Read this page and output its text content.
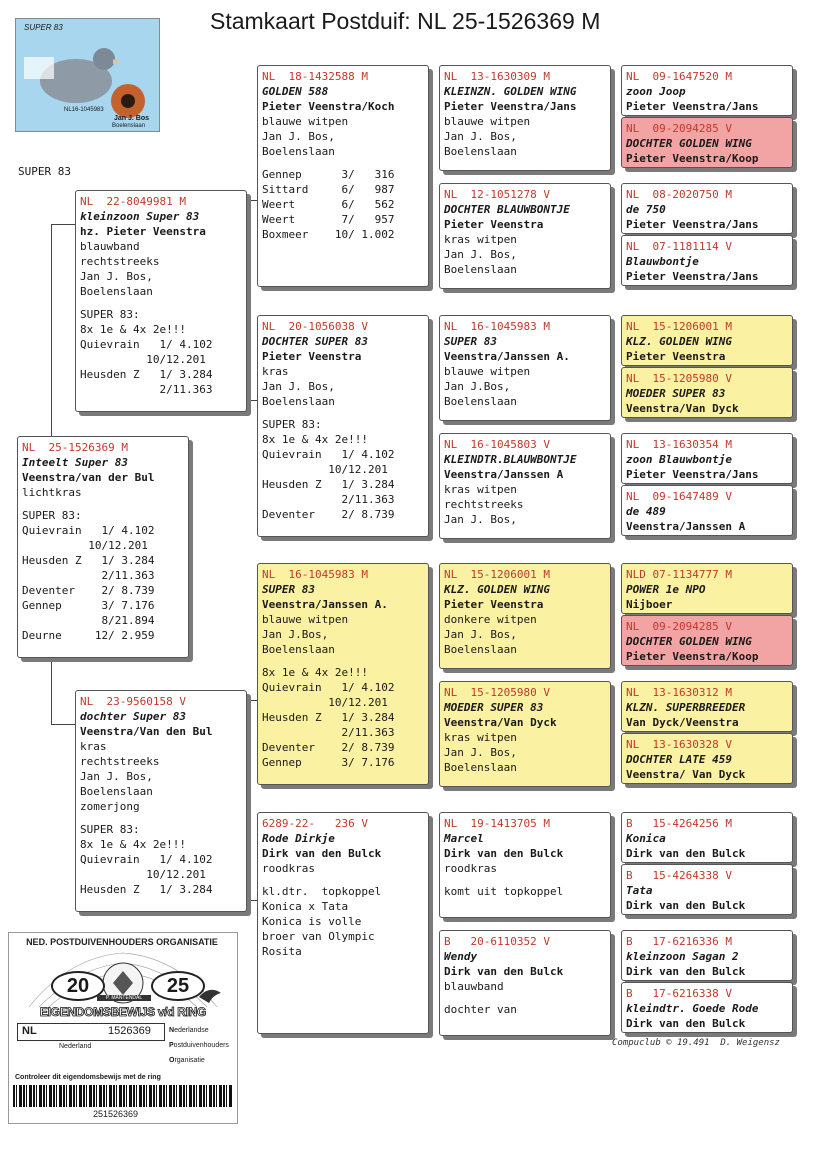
Stamkaart Postduif: NL 25-1526369 M
SUPER 83
NL16-1045983
Jan J. Bos
Boelenslaan
SUPER 83
NL  25-1526369 M
Inteelt Super 83
Veenstra/van der Bul
lichtkras
SUPER 83:
Quievrain   1/ 4.102
10/12.201
Heusden Z   1/ 3.284
2/11.363
Deventer    2/ 8.739
Gennep      3/ 7.176
8/21.894
Deurne     12/ 2.959
NL  22-8049981 M
kleinzoon Super 83
hz. Pieter Veenstra
blauwband
rechtstreeks
Jan J. Bos,
Boelenslaan
SUPER 83:
8x 1e & 4x 2e!!!
Quievrain   1/ 4.102
10/12.201
Heusden Z   1/ 3.284
2/11.363
NL  23-9560158 V
dochter Super 83
Veenstra/Van den Bul
kras
rechtstreeks
Jan J. Bos,
Boelenslaan
zomerjong
SUPER 83:
8x 1e & 4x 2e!!!
Quievrain   1/ 4.102
10/12.201
Heusden Z   1/ 3.284
NL  18-1432588 M
GOLDEN 588
Pieter Veenstra/Koch
blauwe witpen
Jan J. Bos,
Boelenslaan
Gennep      3/   316
Sittard     6/   987
Weert       6/   562
Weert       7/   957
Boxmeer    10/ 1.002
NL  20-1056038 V
DOCHTER SUPER 83
Pieter Veenstra
kras
Jan J. Bos,
Boelenslaan
SUPER 83:
8x 1e & 4x 2e!!!
Quievrain   1/ 4.102
10/12.201
Heusden Z   1/ 3.284
2/11.363
Deventer    2/ 8.739
NL  16-1045983 M
SUPER 83
Veenstra/Janssen A.
blauwe witpen
Jan J.Bos,
Boelenslaan
8x 1e & 4x 2e!!!
Quievrain   1/ 4.102
10/12.201
Heusden Z   1/ 3.284
2/11.363
Deventer    2/ 8.739
Gennep      3/ 7.176
6289-22-   236 V
Rode Dirkje
Dirk van den Bulck
roodkras
kl.dtr.  topkoppel
Konica x Tata
Konica is volle
broer van Olympic
Rosita
NL  13-1630309 M
KLEINZN. GOLDEN WING
Pieter Veenstra/Jans
blauwe witpen
Jan J. Bos,
Boelenslaan
NL  12-1051278 V
DOCHTER BLAUWBONTJE
Pieter Veenstra
kras witpen
Jan J. Bos,
Boelenslaan
NL  16-1045983 M
SUPER 83
Veenstra/Janssen A.
blauwe witpen
Jan J.Bos,
Boelenslaan
NL  16-1045803 V
KLEINDTR.BLAUWBONTJE
Veenstra/Janssen A
kras witpen
rechtstreeks
Jan J. Bos,
NL  15-1206001 M
KLZ. GOLDEN WING
Pieter Veenstra
donkere witpen
Jan J. Bos,
Boelenslaan
NL  15-1205980 V
MOEDER SUPER 83
Veenstra/Van Dyck
kras witpen
Jan J. Bos,
Boelenslaan
NL  19-1413705 M
Marcel
Dirk van den Bulck
roodkras
komt uit topkoppel
B   20-6110352 V
Wendy
Dirk van den Bulck
blauwband
dochter van
NL  09-1647520 M
zoon Joop
Pieter Veenstra/Jans
NL  09-2094285 V
DOCHTER GOLDEN WING
Pieter Veenstra/Koop
NL  08-2020750 M
de 750
Pieter Veenstra/Jans
NL  07-1181114 V
Blauwbontje
Pieter Veenstra/Jans
NL  15-1206001 M
KLZ. GOLDEN WING
Pieter Veenstra
NL  15-1205980 V
MOEDER SUPER 83
Veenstra/Van Dyck
NL  13-1630354 M
zoon Blauwbontje
Pieter Veenstra/Jans
NL  09-1647489 V
de 489
Veenstra/Janssen A
NLD 07-1134777 M
POWER 1e NPO
Nijboer
NL  09-2094285 V
DOCHTER GOLDEN WING
Pieter Veenstra/Koop
NL  13-1630312 M
KLZN. SUPERBREEDER
Van Dyck/Veenstra
NL  13-1630328 V
DOCHTER LATE 459
Veenstra/ Van Dyck
B   15-4264256 M
Konica
Dirk van den Bulck
B   15-4264338 V
Tata
Dirk van den Bulck
B   17-6216336 M
kleinzoon Sagan 2
Dirk van den Bulck
B   17-6216338 V
kleindtr. Goede Rode
Dirk van den Bulck
NED. POSTDUIVENHOUDERS ORGANISATIE
20	25
P. MANTENDAL
EIGENDOMSBEWIJS v/d RING
NL	1526369
Nederland
Nederlandse
Postduivenhouders
Organisatie
Controleer dit eigendomsbewijs met de ring
251526369
Compuclub © 19.491  D. Weigensz
